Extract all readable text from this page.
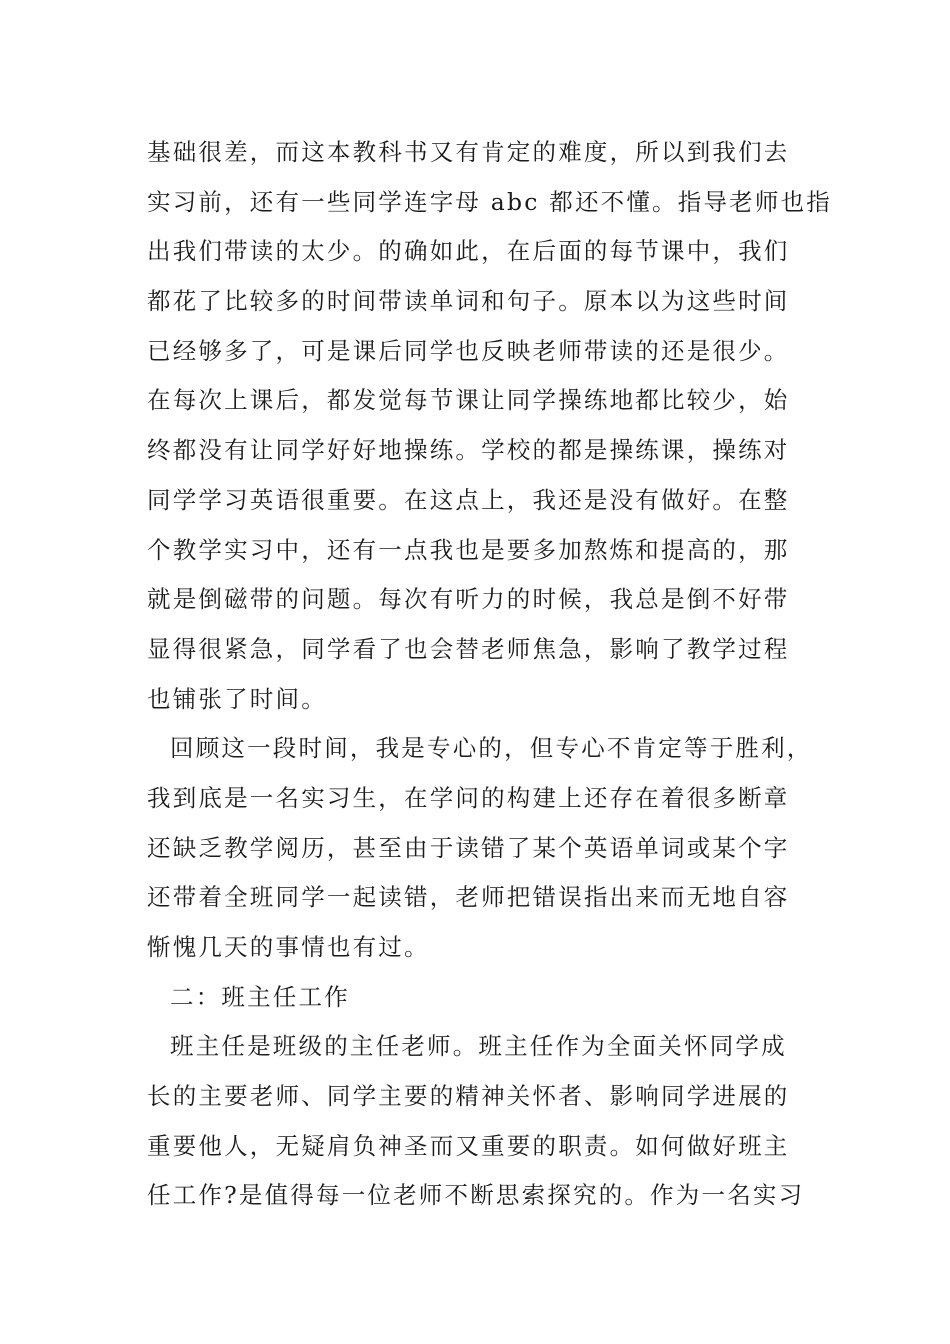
基础很差，而这本教科书又有肯定的难度，所以到我们去
实习前，还有一些同学连字母 abc 都还不懂。指导老师也指
出我们带读的太少。的确如此，在后面的每节课中，我们
都花了比较多的时间带读单词和句子。原本以为这些时间
已经够多了，可是课后同学也反映老师带读的还是很少。
在每次上课后，都发觉每节课让同学操练地都比较少，始
终都没有让同学好好地操练。学校的都是操练课，操练对
同学学习英语很重要。在这点上，我还是没有做好。在整
个教学实习中，还有一点我也是要多加熬炼和提高的，那
就是倒磁带的问题。每次有听力的时候，我总是倒不好带
显得很紧急，同学看了也会替老师焦急，影响了教学过程
也铺张了时间。
回顾这一段时间，我是专心的，但专心不肯定等于胜利，
我到底是一名实习生，在学问的构建上还存在着很多断章
还缺乏教学阅历，甚至由于读错了某个英语单词或某个字
还带着全班同学一起读错，老师把错误指出来而无地自容
惭愧几天的事情也有过。
二：班主任工作
班主任是班级的主任老师。班主任作为全面关怀同学成
长的主要老师、同学主要的精神关怀者、影响同学进展的
重要他人，无疑肩负神圣而又重要的职责。如何做好班主
任工作?是值得每一位老师不断思索探究的。作为一名实习
